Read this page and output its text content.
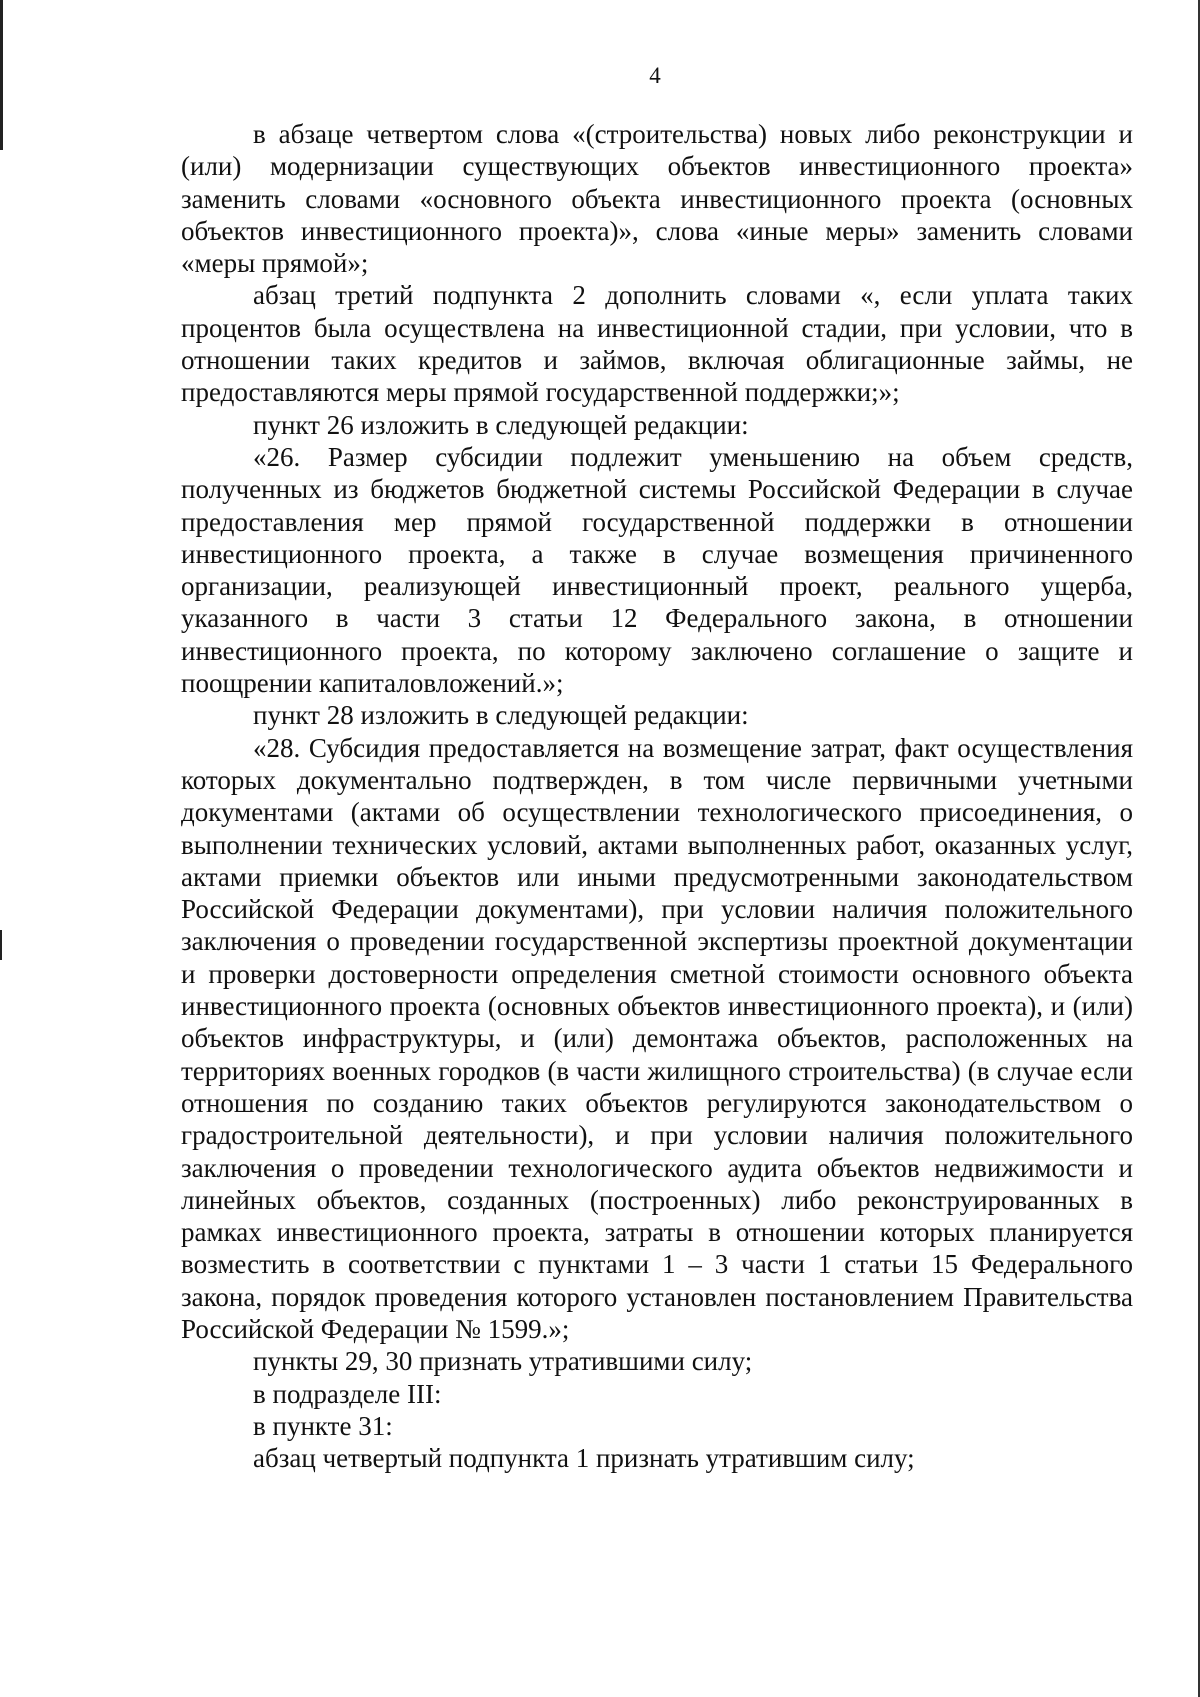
4

в абзаце четвертом слова «(строительства) новых либо реконструкции и (или) модернизации существующих объектов инвестиционного проекта» заменить словами «основного объекта инвестиционного проекта (основных объектов инвестиционного проекта)», слова «иные меры» заменить словами «меры прямой»;

абзац третий подпункта 2 дополнить словами «, если уплата таких процентов была осуществлена на инвестиционной стадии, при условии, что в отношении таких кредитов и займов, включая облигационные займы, не предоставляются меры прямой государственной поддержки;»;

пункт 26 изложить в следующей редакции:

«26. Размер субсидии подлежит уменьшению на объем средств, полученных из бюджетов бюджетной системы Российской Федерации в случае предоставления мер прямой государственной поддержки в отношении инвестиционного проекта, а также в случае возмещения причиненного организации, реализующей инвестиционный проект, реального ущерба, указанного в части 3 статьи 12 Федерального закона, в отношении инвестиционного проекта, по которому заключено соглашение о защите и поощрении капиталовложений.»;

пункт 28 изложить в следующей редакции:

«28. Субсидия предоставляется на возмещение затрат, факт осуществления которых документально подтвержден, в том числе первичными учетными документами (актами об осуществлении технологического присоединения, о выполнении технических условий, актами выполненных работ, оказанных услуг, актами приемки объектов или иными предусмотренными законодательством Российской Федерации документами), при условии наличия положительного заключения о проведении государственной экспертизы проектной документации и проверки достоверности определения сметной стоимости основного объекта инвестиционного проекта (основных объектов инвестиционного проекта), и (или) объектов инфраструктуры, и (или) демонтажа объектов, расположенных на территориях военных городков (в части жилищного строительства) (в случае если отношения по созданию таких объектов регулируются законодательством о градостроительной деятельности), и при условии наличия положительного заключения о проведении технологического аудита объектов недвижимости и линейных объектов, созданных (построенных) либо реконструированных в рамках инвестиционного проекта, затраты в отношении которых планируется возместить в соответствии с пунктами 1 – 3 части 1 статьи 15 Федерального закона, порядок проведения которого установлен постановлением Правительства Российской Федерации № 1599.»;

пункты 29, 30 признать утратившими силу;

в подразделе III:

в пункте 31:

абзац четвертый подпункта 1 признать утратившим силу;
